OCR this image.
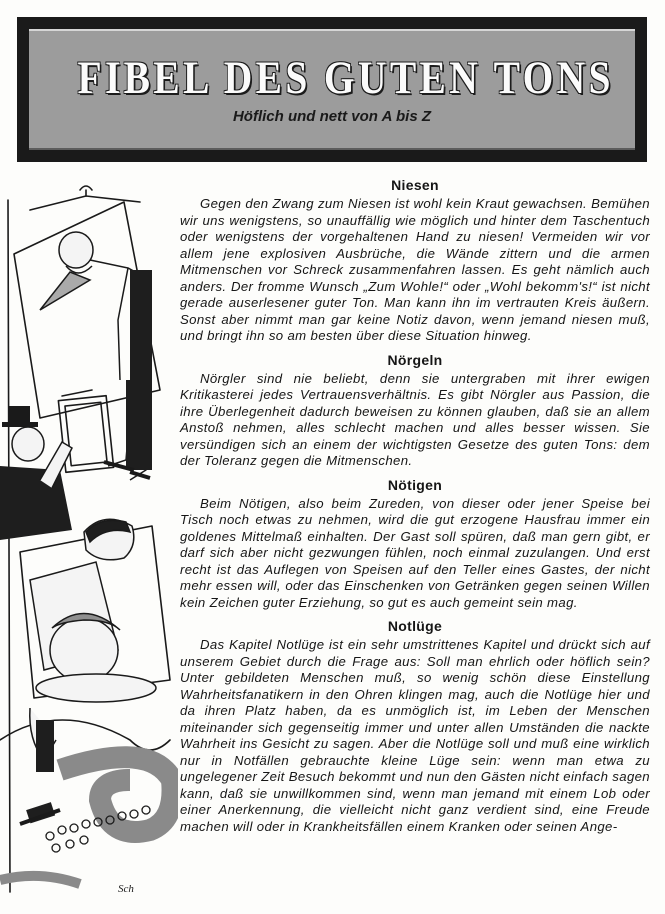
FIBEL DES GUTEN TONS
Höflich und nett von A bis Z
Sch
Niesen

Gegen den Zwang zum Niesen ist wohl kein Kraut gewachsen. Bemühen wir uns wenigstens, so unauffällig wie möglich und hinter dem Taschentuch oder wenigstens der vorgehaltenen Hand zu niesen! Vermeiden wir vor allem jene explosiven Ausbrüche, die Wände zittern und die armen Mitmenschen vor Schreck zusammenfahren lassen. Es geht nämlich auch anders. Der fromme Wunsch „Zum Wohle!“ oder „Wohl bekomm's!“ ist nicht gerade auserlesener guter Ton. Man kann ihn im vertrauten Kreis äußern. Sonst aber nimmt man gar keine Notiz davon, wenn jemand niesen muß, und bringt ihn so am besten über diese Situation hinweg.

Nörgeln

Nörgler sind nie beliebt, denn sie untergraben mit ihrer ewigen Kritikasterei jedes Vertrauensverhältnis. Es gibt Nörgler aus Passion, die ihre Überlegenheit dadurch beweisen zu können glauben, daß sie an allem Anstoß nehmen, alles schlecht machen und alles besser wissen. Sie versündigen sich an einem der wichtigsten Gesetze des guten Tons: dem der Toleranz gegen die Mitmenschen.

Nötigen

Beim Nötigen, also beim Zureden, von dieser oder jener Speise bei Tisch noch etwas zu nehmen, wird die gut erzogene Hausfrau immer ein goldenes Mittelmaß einhalten. Der Gast soll spüren, daß man gern gibt, er darf sich aber nicht gezwungen fühlen, noch einmal zuzulangen. Und erst recht ist das Auflegen von Speisen auf den Teller eines Gastes, der nicht mehr essen will, oder das Einschenken von Getränken gegen seinen Willen kein Zeichen guter Erziehung, so gut es auch gemeint sein mag.

Notlüge

Das Kapitel Notlüge ist ein sehr umstrittenes Kapitel und drückt sich auf unserem Gebiet durch die Frage aus: Soll man ehrlich oder höflich sein? Unter gebildeten Menschen muß, so wenig schön diese Einstellung Wahrheitsfanatikern in den Ohren klingen mag, auch die Notlüge hier und da ihren Platz haben, da es unmöglich ist, im Leben der Menschen miteinander sich gegenseitig immer und unter allen Umständen die nackte Wahrheit ins Gesicht zu sagen. Aber die Notlüge soll und muß eine wirklich nur in Notfällen gebrauchte kleine Lüge sein: wenn man etwa zu ungelegener Zeit Besuch bekommt und nun den Gästen nicht einfach sagen kann, daß sie unwillkommen sind, wenn man jemand mit einem Lob oder einer Anerkennung, die vielleicht nicht ganz verdient sind, eine Freude machen will oder in Krankheitsfällen einem Kranken oder seinen Ange-
